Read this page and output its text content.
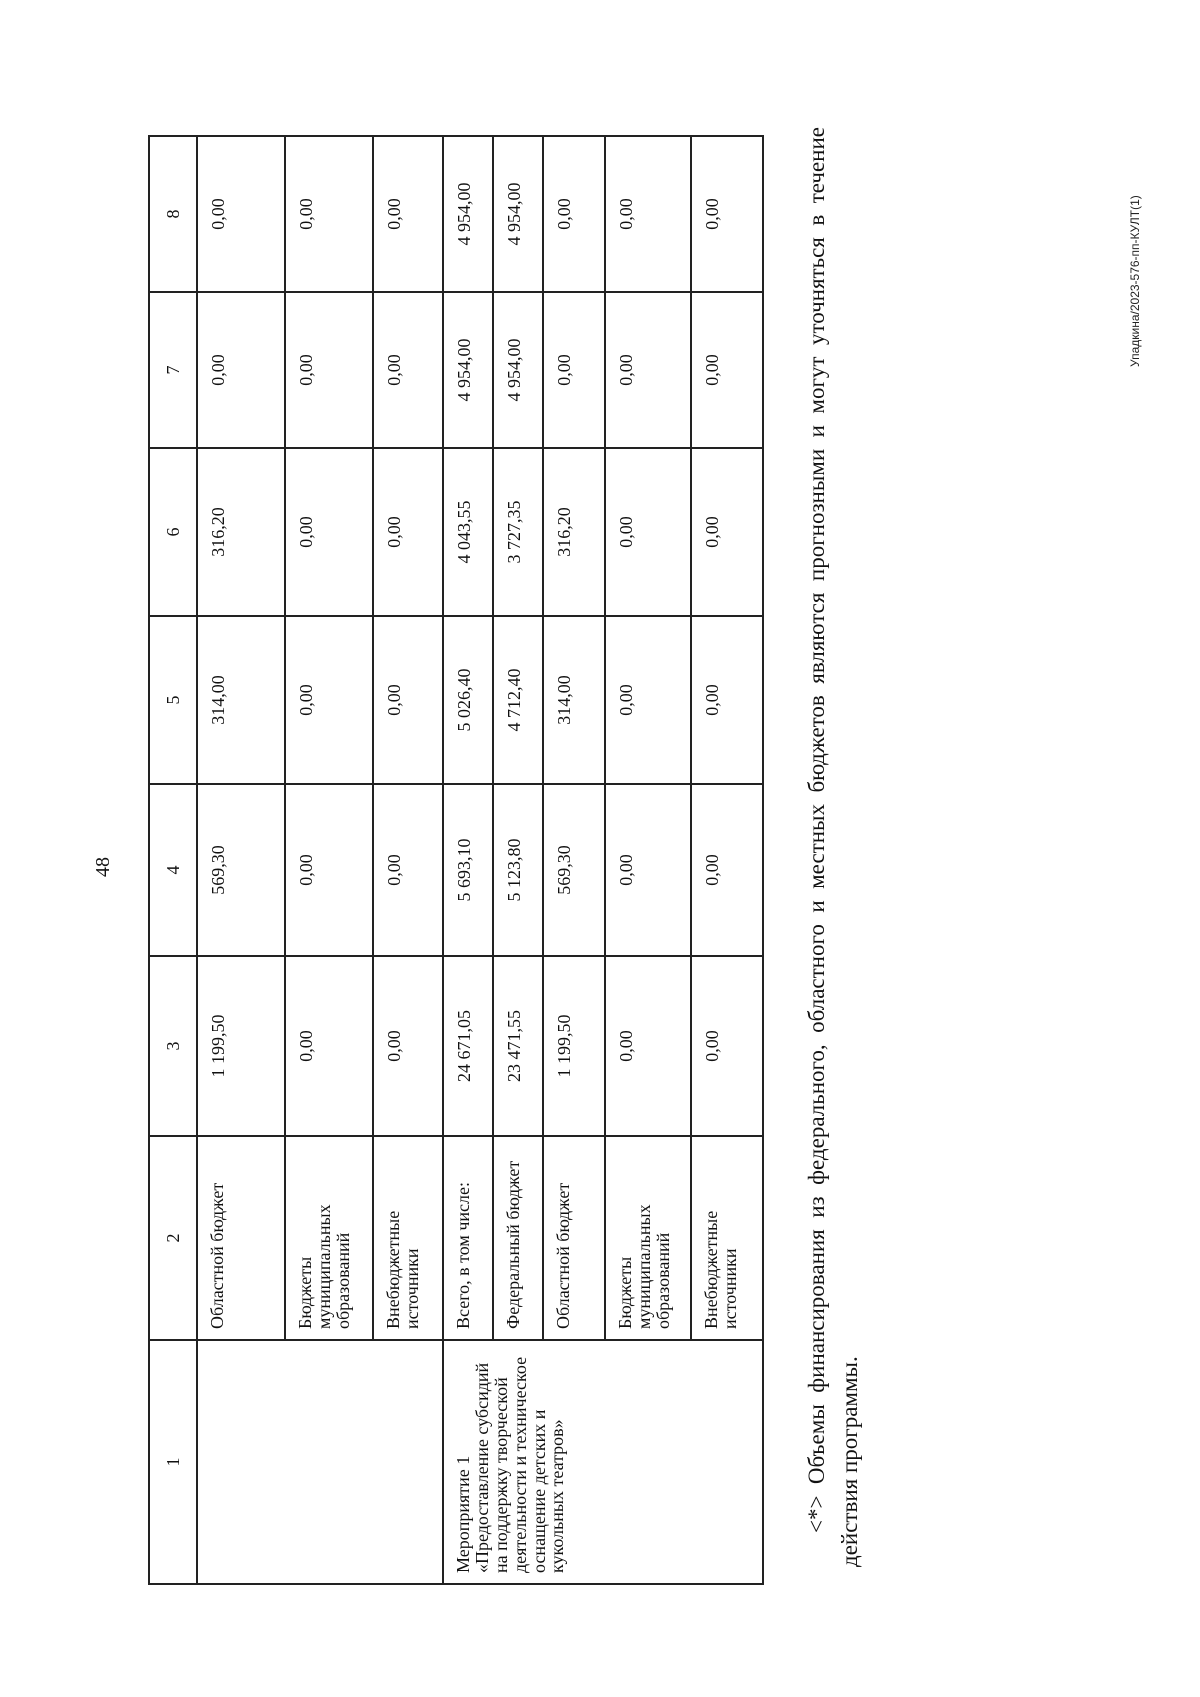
48
1	2	3	4	5	6	7	8
	Областной бюджет	1 199,50	569,30	314,00	316,20	0,00	0,00
	Бюджеты муниципальных образований	0,00	0,00	0,00	0,00	0,00	0,00
	Внебюджетные источники	0,00	0,00	0,00	0,00	0,00	0,00
Мероприятие 1 «Предоставление субсидий на поддержку творческой деятельности и техническое оснащение детских и кукольных театров»	Всего, в том числе:	24 671,05	5 693,10	5 026,40	4 043,55	4 954,00	4 954,00
	Федеральный бюджет	23 471,55	5 123,80	4 712,40	3 727,35	4 954,00	4 954,00
	Областной бюджет	1 199,50	569,30	314,00	316,20	0,00	0,00
	Бюджеты муниципальных образований	0,00	0,00	0,00	0,00	0,00	0,00
	Внебюджетные источники	0,00	0,00	0,00	0,00	0,00	0,00	<*> Объемы финансирования из федерального, областного и местных бюджетов являются прогнозными и могут уточняться в течение действия программы.

Упадкина/2023-576-пп-КУЛТ(1)
